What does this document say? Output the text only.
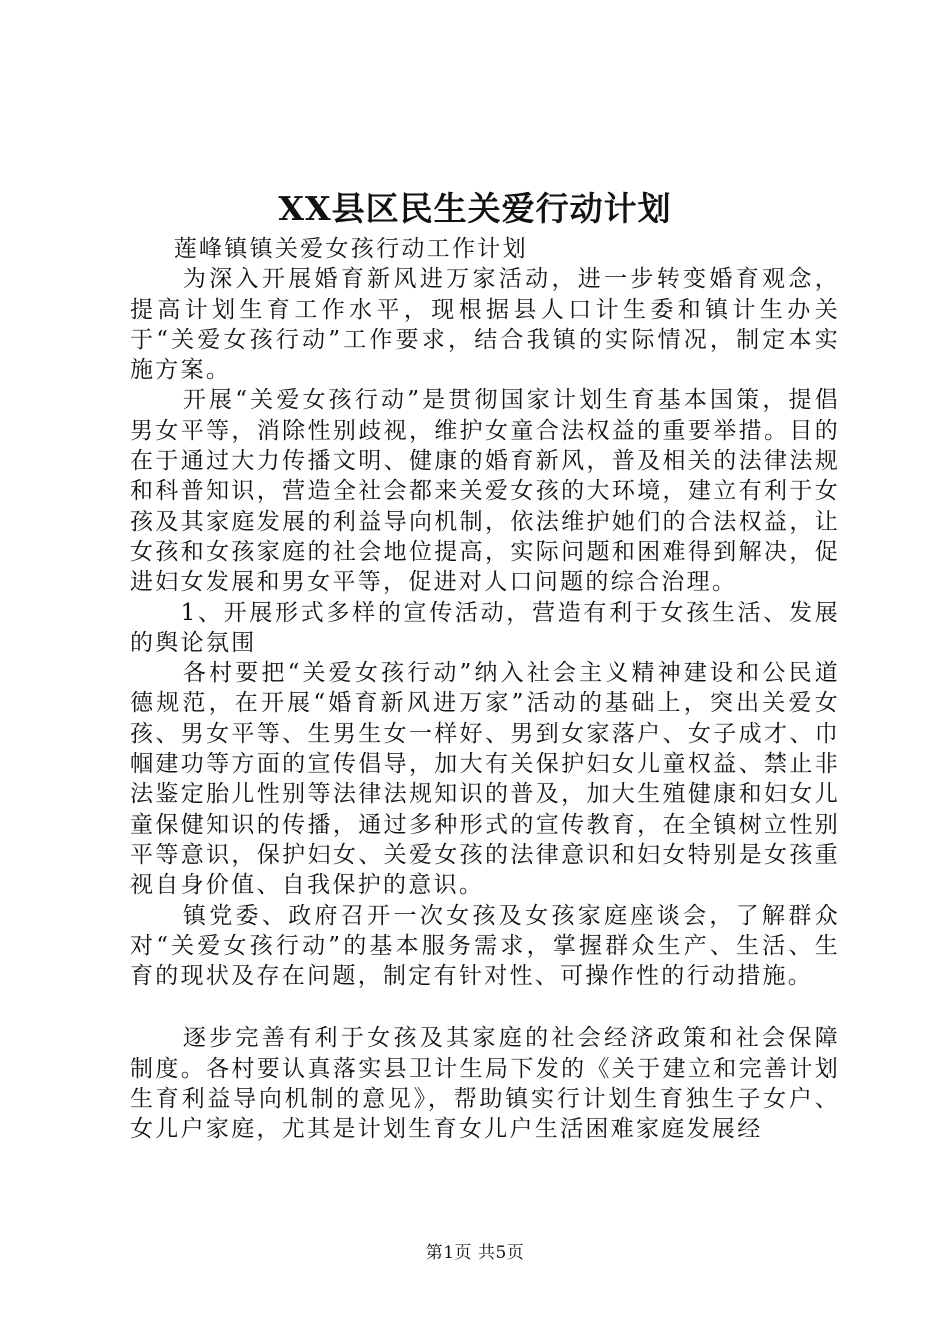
XX县区民生关爱行动计划

莲峰镇镇关爱女孩行动工作计划

为深入开展婚育新风进万家活动，进一步转变婚育观念，提高计划生育工作水平，现根据县人口计生委和镇计生办关于“关爱女孩行动”工作要求，结合我镇的实际情况，制定本实施方案。

开展“关爱女孩行动”是贯彻国家计划生育基本国策，提倡男女平等，消除性别歧视，维护女童合法权益的重要举措。目的在于通过大力传播文明、健康的婚育新风，普及相关的法律法规和科普知识，营造全社会都来关爱女孩的大环境，建立有利于女孩及其家庭发展的利益导向机制，依法维护她们的合法权益，让女孩和女孩家庭的社会地位提高，实际问题和困难得到解决，促进妇女发展和男女平等，促进对人口问题的综合治理。

1、开展形式多样的宣传活动，营造有利于女孩生活、发展的舆论氛围

各村要把“关爱女孩行动”纳入社会主义精神建设和公民道德规范，在开展“婚育新风进万家”活动的基础上，突出关爱女孩、男女平等、生男生女一样好、男到女家落户、女子成才、巾帼建功等方面的宣传倡导，加大有关保护妇女儿童权益、禁止非法鉴定胎儿性别等法律法规知识的普及，加大生殖健康和妇女儿童保健知识的传播，通过多种形式的宣传教育，在全镇树立性别平等意识，保护妇女、关爱女孩的法律意识和妇女特别是女孩重视自身价值、自我保护的意识。

镇党委、政府召开一次女孩及女孩家庭座谈会，了解群众对“关爱女孩行动”的基本服务需求，掌握群众生产、生活、生育的现状及存在问题，制定有针对性、可操作性的行动措施。

逐步完善有利于女孩及其家庭的社会经济政策和社会保障制度。各村要认真落实县卫计生局下发的《关于建立和完善计划生育利益导向机制的意见》，帮助镇实行计划生育独生子女户、女儿户家庭，尤其是计划生育女儿户生活困难家庭发展经

第1页 共5页
